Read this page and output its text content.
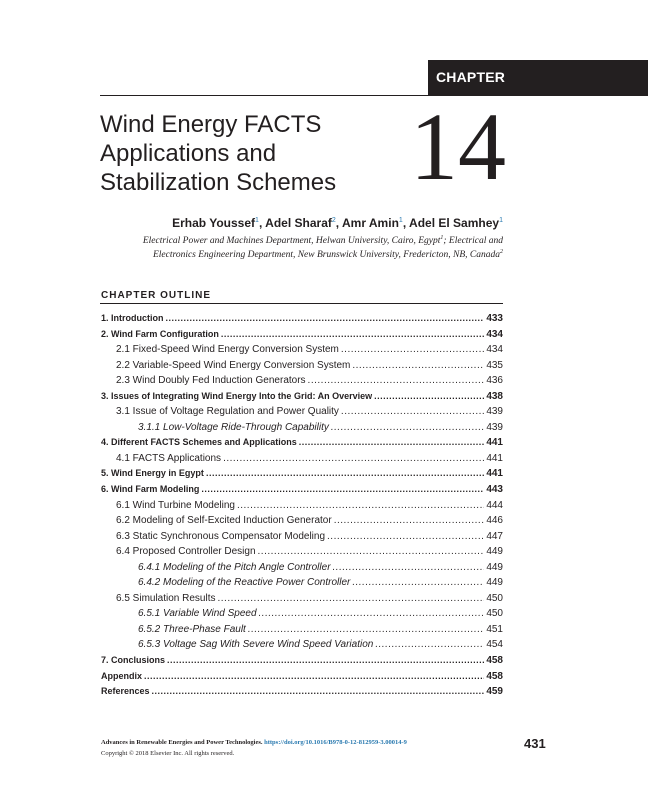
CHAPTER
Wind Energy FACTS
Applications and
Stabilization Schemes 14
Erhab Youssef$^1$, Adel Sharaf$^2$, Amr Amin$^1$, Adel El Samhey$^1$
Electrical Power and Machines Department, Helwan University, Cairo, Egypt$^1$; Electrical and
Electronics Engineering Department, New Brunswick University, Fredericton, NB, Canada$^2$
CHAPTER OUTLINE
1. Introduction .....	433
2. Wind Farm Configuration .....	434
2.1 Fixed-Speed Wind Energy Conversion System .....	434
2.2 Variable-Speed Wind Energy Conversion System .....	435
2.3 Wind Doubly Fed Induction Generators .....	436
3. Issues of Integrating Wind Energy Into the Grid: An Overview .....	438
3.1 Issue of Voltage Regulation and Power Quality .....	439
3.1.1 Low-Voltage Ride-Through Capability .....	439
4. Different FACTS Schemes and Applications .....	441
4.1 FACTS Applications .....	441
5. Wind Energy in Egypt .....	441
6. Wind Farm Modeling .....	443
6.1 Wind Turbine Modeling .....	444
6.2 Modeling of Self-Excited Induction Generator .....	446
6.3 Static Synchronous Compensator Modeling .....	447
6.4 Proposed Controller Design .....	449
6.4.1 Modeling of the Pitch Angle Controller .....	449
6.4.2 Modeling of the Reactive Power Controller .....	449
6.5 Simulation Results .....	450
6.5.1 Variable Wind Speed .....	450
6.5.2 Three-Phase Fault .....	451
6.5.3 Voltage Sag With Severe Wind Speed Variation .....	454
7. Conclusions .....	458
Appendix .....	458
References .....	459
Advances in Renewable Energies and Power Technologies. https://doi.org/10.1016/B978-0-12-812959-3.00014-9
Copyright © 2018 Elsevier Inc. All rights reserved.
431
